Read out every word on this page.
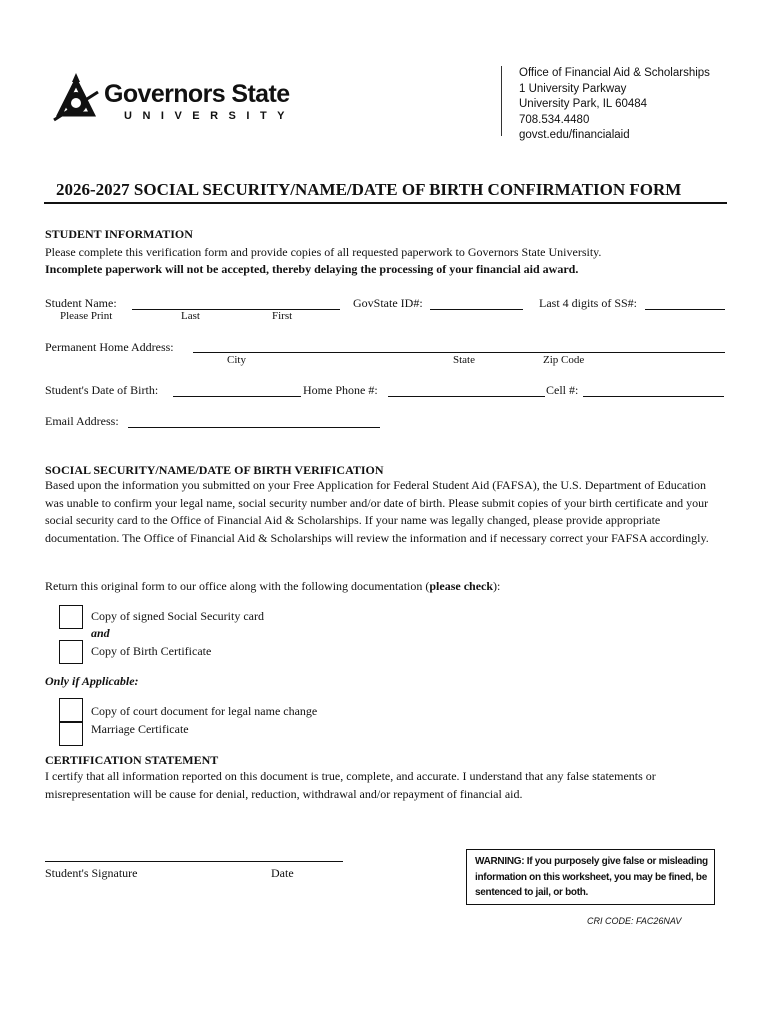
Governors State
UNIVERSITY
Office of Financial Aid & Scholarships
1 University Parkway
University Park, IL 60484
708.534.4480
govst.edu/financialaid
2026-2027 SOCIAL SECURITY/NAME/DATE OF BIRTH CONFIRMATION FORM
STUDENT INFORMATION
Please complete this verification form and provide copies of all requested paperwork to Governors State University.
Incomplete paperwork will not be accepted, thereby delaying the processing of your financial aid award.
Student Name:
Please Print	Last	First
GovState ID#:	Last 4 digits of SS#:
Permanent Home Address:
City	State	Zip Code
Student's Date of Birth:	Home Phone #:	Cell #:
Email Address:
SOCIAL SECURITY/NAME/DATE OF BIRTH VERIFICATION
Based upon the information you submitted on your Free Application for Federal Student Aid (FAFSA), the U.S. Department of Education was unable to confirm your legal name, social security number and/or date of birth. Please submit copies of your birth certificate and your social security card to the Office of Financial Aid & Scholarships. If your name was legally changed, please provide appropriate documentation. The Office of Financial Aid & Scholarships will review the information and if necessary correct your FAFSA accordingly.
Return this original form to our office along with the following documentation (please check):
Copy of signed Social Security card
and
Copy of Birth Certificate
Only if Applicable:
Copy of court document for legal name change
Marriage Certificate
CERTIFICATION STATEMENT
I certify that all information reported on this document is true, complete, and accurate. I understand that any false statements or misrepresentation will be cause for denial, reduction, withdrawal and/or repayment of financial aid.
Student's Signature	Date
WARNING: If you purposely give false or misleading information on this worksheet, you may be fined, be sentenced to jail, or both.
CRI CODE: FAC26NAV
